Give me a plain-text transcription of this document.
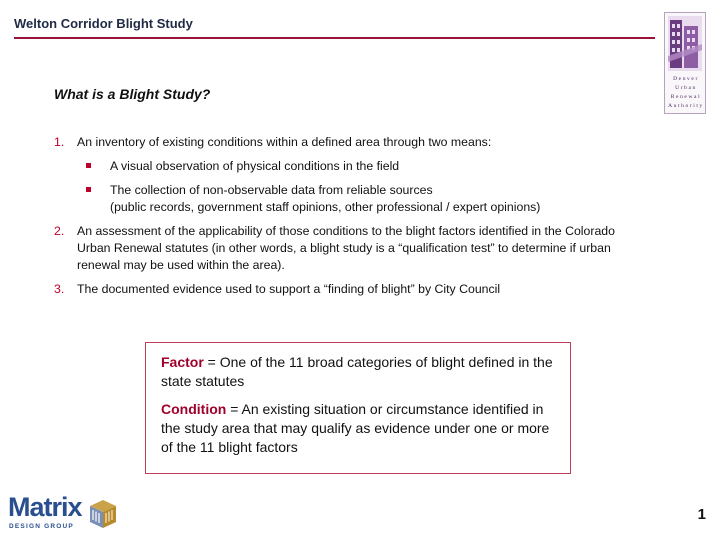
Welton Corridor Blight Study
Denver
Urban
Renewal
Authority
What is a Blight Study?
1. An inventory of existing conditions within a defined area through two means:
A visual observation of physical conditions in the field
The collection of non-observable data from reliable sources
(public records, government staff opinions, other professional / expert opinions)
2. An assessment of the applicability of those conditions to the blight factors identified in the Colorado Urban Renewal statutes (in other words, a blight study is a “qualification test” to determine if urban renewal may be used within the area).
3. The documented evidence used to support a “finding of blight” by City Council

Factor = One of the 11 broad categories of blight defined in the state statutes

Condition = An existing situation or circumstance identified in the study area that may qualify as evidence under one or more of the 11 blight factors

Matrix
DESIGN GROUP
1
